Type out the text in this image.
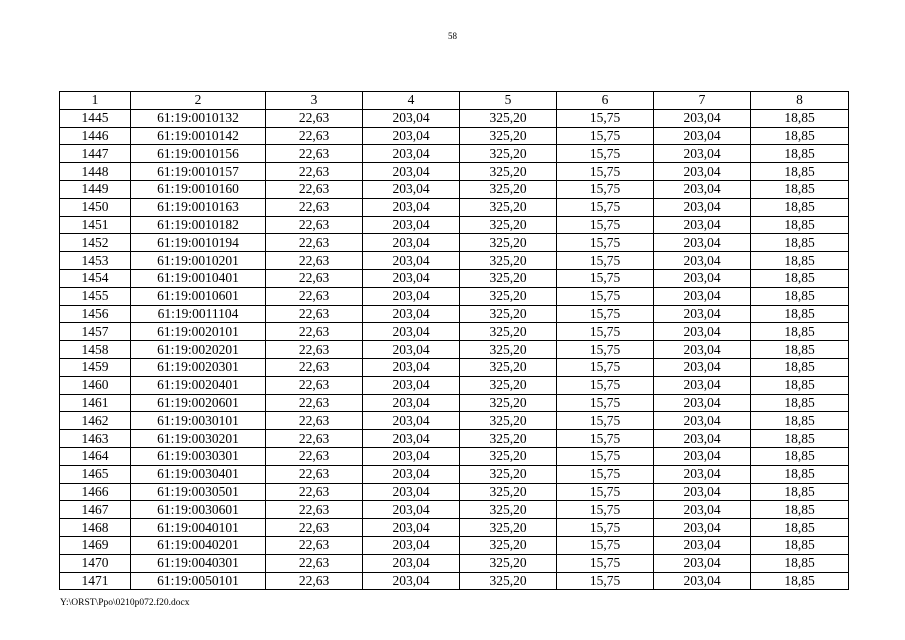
58
1	2	3	4	5	6	7	8
1445	61:19:0010132	22,63	203,04	325,20	15,75	203,04	18,85
1446	61:19:0010142	22,63	203,04	325,20	15,75	203,04	18,85
1447	61:19:0010156	22,63	203,04	325,20	15,75	203,04	18,85
1448	61:19:0010157	22,63	203,04	325,20	15,75	203,04	18,85
1449	61:19:0010160	22,63	203,04	325,20	15,75	203,04	18,85
1450	61:19:0010163	22,63	203,04	325,20	15,75	203,04	18,85
1451	61:19:0010182	22,63	203,04	325,20	15,75	203,04	18,85
1452	61:19:0010194	22,63	203,04	325,20	15,75	203,04	18,85
1453	61:19:0010201	22,63	203,04	325,20	15,75	203,04	18,85
1454	61:19:0010401	22,63	203,04	325,20	15,75	203,04	18,85
1455	61:19:0010601	22,63	203,04	325,20	15,75	203,04	18,85
1456	61:19:0011104	22,63	203,04	325,20	15,75	203,04	18,85
1457	61:19:0020101	22,63	203,04	325,20	15,75	203,04	18,85
1458	61:19:0020201	22,63	203,04	325,20	15,75	203,04	18,85
1459	61:19:0020301	22,63	203,04	325,20	15,75	203,04	18,85
1460	61:19:0020401	22,63	203,04	325,20	15,75	203,04	18,85
1461	61:19:0020601	22,63	203,04	325,20	15,75	203,04	18,85
1462	61:19:0030101	22,63	203,04	325,20	15,75	203,04	18,85
1463	61:19:0030201	22,63	203,04	325,20	15,75	203,04	18,85
1464	61:19:0030301	22,63	203,04	325,20	15,75	203,04	18,85
1465	61:19:0030401	22,63	203,04	325,20	15,75	203,04	18,85
1466	61:19:0030501	22,63	203,04	325,20	15,75	203,04	18,85
1467	61:19:0030601	22,63	203,04	325,20	15,75	203,04	18,85
1468	61:19:0040101	22,63	203,04	325,20	15,75	203,04	18,85
1469	61:19:0040201	22,63	203,04	325,20	15,75	203,04	18,85
1470	61:19:0040301	22,63	203,04	325,20	15,75	203,04	18,85
1471	61:19:0050101	22,63	203,04	325,20	15,75	203,04	18,85
Y:\ORST\Ppo\0210p072.f20.docx
